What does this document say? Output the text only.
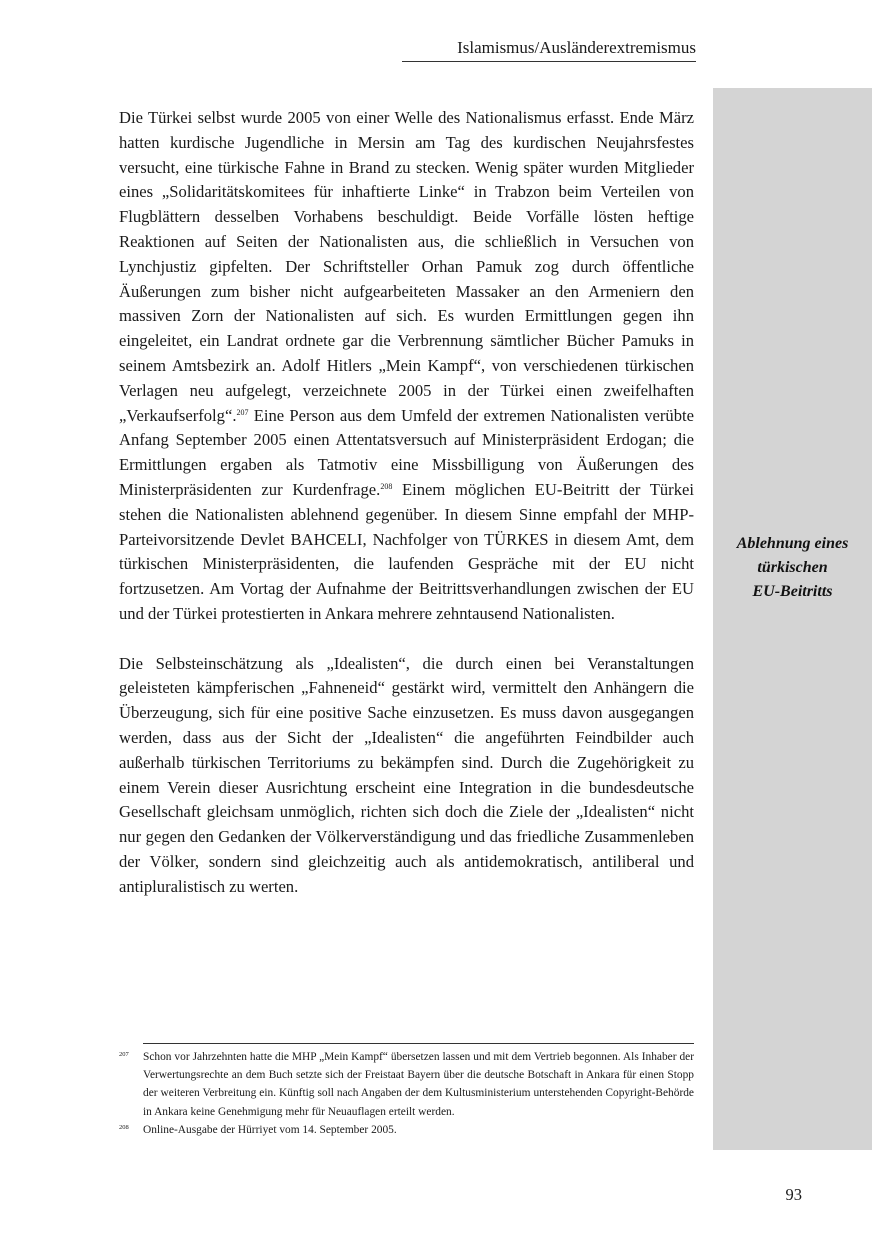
Islamismus/Ausländerextremismus
Ablehnung eines
türkischen
EU-Beitritts

Die Türkei selbst wurde 2005 von einer Welle des Nationalismus erfasst. Ende März hatten kurdische Jugendliche in Mersin am Tag des kurdischen Neujahrsfestes versucht, eine türkische Fahne in Brand zu stecken. Wenig später wurden Mitglieder eines „Solidaritätskomitees für inhaftierte Linke“ in Trabzon beim Verteilen von Flugblättern desselben Vorhabens beschuldigt. Beide Vorfälle lösten heftige Reaktionen auf Seiten der Nationalisten aus, die schließlich in Versuchen von Lynchjustiz gipfelten. Der Schriftsteller Orhan Pamuk zog durch öffentliche Äußerungen zum bisher nicht aufgearbeiteten Massaker an den Armeniern den massiven Zorn der Nationalisten auf sich. Es wurden Ermittlungen gegen ihn eingeleitet, ein Landrat ordnete gar die Verbrennung sämtlicher Bücher Pamuks in seinem Amtsbezirk an. Adolf Hitlers „Mein Kampf“, von verschiedenen türkischen Verlagen neu aufgelegt, verzeichnete 2005 in der Türkei einen zweifelhaften „Verkaufserfolg“.$^{207}$ Eine Person aus dem Umfeld der extremen Nationalisten verübte Anfang September 2005 einen Attentatsversuch auf Ministerpräsident Erdogan; die Ermittlungen ergaben als Tatmotiv eine Missbilligung von Äußerungen des Ministerpräsidenten zur Kurdenfrage.$^{208}$ Einem möglichen EU-Beitritt der Türkei stehen die Nationalisten ablehnend gegenüber. In diesem Sinne empfahl der MHP-Parteivorsitzende Devlet BAHCELI, Nachfolger von TÜRKES in diesem Amt, dem türkischen Ministerpräsidenten, die laufenden Gespräche mit der EU nicht fortzusetzen. Am Vortag der Aufnahme der Beitrittsverhandlungen zwischen der EU und der Türkei protestierten in Ankara mehrere zehntausend Nationalisten.

Die Selbsteinschätzung als „Idealisten“, die durch einen bei Veranstaltungen geleisteten kämpferischen „Fahneneid“ gestärkt wird, vermittelt den Anhängern die Überzeugung, sich für eine positive Sache einzusetzen. Es muss davon ausgegangen werden, dass aus der Sicht der „Idealisten“ die angeführten Feindbilder auch außerhalb türkischen Territoriums zu bekämpfen sind. Durch die Zugehörigkeit zu einem Verein dieser Ausrichtung erscheint eine Integration in die bundesdeutsche Gesellschaft gleichsam unmöglich, richten sich doch die Ziele der „Idealisten“ nicht nur gegen den Gedanken der Völkerverständigung und das friedliche Zusammenleben der Völker, sondern sind gleichzeitig auch als antidemokratisch, antiliberal und antipluralistisch zu werten.

207	Schon vor Jahrzehnten hatte die MHP „Mein Kampf“ übersetzen lassen und mit dem Vertrieb begonnen. Als Inhaber der Verwertungsrechte an dem Buch setzte sich der Freistaat Bayern über die deutsche Botschaft in Ankara für einen Stopp der weiteren Verbreitung ein. Künftig soll nach Angaben der dem Kultusministerium unterstehenden Copyright-Behörde in Ankara keine Genehmigung mehr für Neuauflagen erteilt werden.
208	Online-Ausgabe der Hürriyet vom 14. September 2005.
93
